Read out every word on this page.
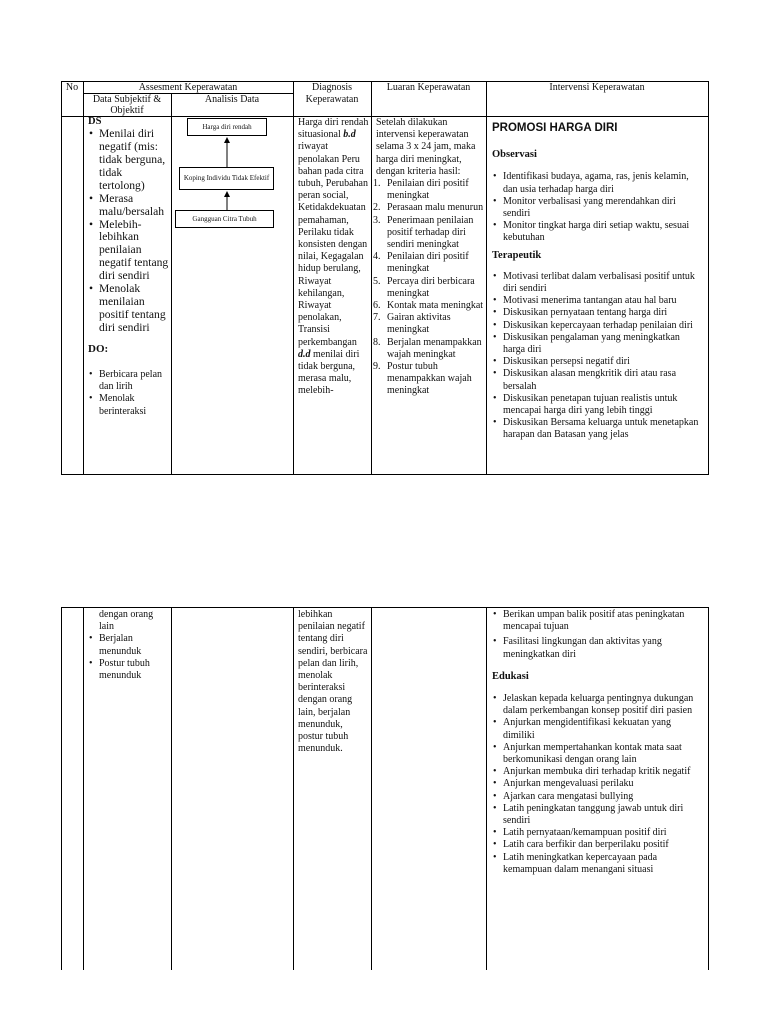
No	Assesment Keperawatan
Data Subjektif & Objektif
Analisis Data
Diagnosis Keperawatan
Luaran Keperawatan	Intervensi Keperawatan
DS
• Menilai diri negatif (mis: tidak berguna, tidak tertolong)
• Merasa malu/bersalah
• Melebih-lebihkan penilaian negatif tentang diri sendiri
• Menolak menilaian positif tentang diri sendiri
DO:
• Berbicara pelan dan lirih
• Menolak berinteraksi
Harga diri rendah
Koping Individu Tidak Efektif
Gangguan Citra Tubuh
Harga diri rendah situasional b.d riwayat penolakan Peru bahan pada citra tubuh, Perubahan peran social, Ketidakdekuatan pemahaman, Perilaku tidak konsisten dengan nilai, Kegagalan hidup berulang, Riwayat kehilangan, Riwayat penolakan, Transisi perkembangan d.d menilai diri tidak berguna, merasa malu, melebih-
Setelah dilakukan intervensi keperawatan selama 3 x 24 jam, maka harga diri meningkat, dengan kriteria hasil:
1. Penilaian diri positif meningkat
2. Perasaan malu menurun
3. Penerimaan penilaian positif terhadap diri sendiri meningkat
4. Penilaian diri positif meningkat
5. Percaya diri berbicara meningkat
6. Kontak mata meningkat
7. Gairan aktivitas meningkat
8. Berjalan menampakkan wajah meningkat
9. Postur tubuh menampakkan wajah meningkat
PROMOSI HARGA DIRI
Observasi
• Identifikasi budaya, agama, ras, jenis kelamin, dan usia terhadap harga diri
• Monitor verbalisasi yang merendahkan diri sendiri
• Monitor tingkat harga diri setiap waktu, sesuai kebutuhan
Terapeutik
• Motivasi terlibat dalam verbalisasi positif untuk diri sendiri
• Motivasi menerima tantangan atau hal baru
• Diskusikan pernyataan tentang harga diri
• Diskusikan kepercayaan terhadap penilaian diri
• Diskusikan pengalaman yang meningkatkan harga diri
• Diskusikan persepsi negatif diri
• Diskusikan alasan mengkritik diri atau rasa bersalah
• Diskusikan penetapan tujuan realistis untuk mencapai harga diri yang lebih tinggi
• Diskusikan Bersama keluarga untuk menetapkan harapan dan Batasan yang jelas
dengan orang lain
• Berjalan menunduk
• Postur tubuh menunduk
lebihkan penilaian negatif tentang diri sendiri, berbicara pelan dan lirih, menolak berinteraksi dengan orang lain, berjalan menunduk, postur tubuh menunduk.
• Berikan umpan balik positif atas peningkatan mencapai tujuan
• Fasilitasi lingkungan dan aktivitas yang meningkatkan diri
Edukasi
• Jelaskan kepada keluarga pentingnya dukungan dalam perkembangan konsep positif diri pasien
• Anjurkan mengidentifikasi kekuatan yang dimiliki
• Anjurkan mempertahankan kontak mata saat berkomunikasi dengan orang lain
• Anjurkan membuka diri terhadap kritik negatif
• Anjurkan mengevaluasi perilaku
• Ajarkan cara mengatasi bullying
• Latih peningkatan tanggung jawab untuk diri sendiri
• Latih pernyataan/kemampuan positif diri
• Latih cara berfikir dan berperilaku positif
• Latih meningkatkan kepercayaan pada kemampuan dalam menangani situasi
